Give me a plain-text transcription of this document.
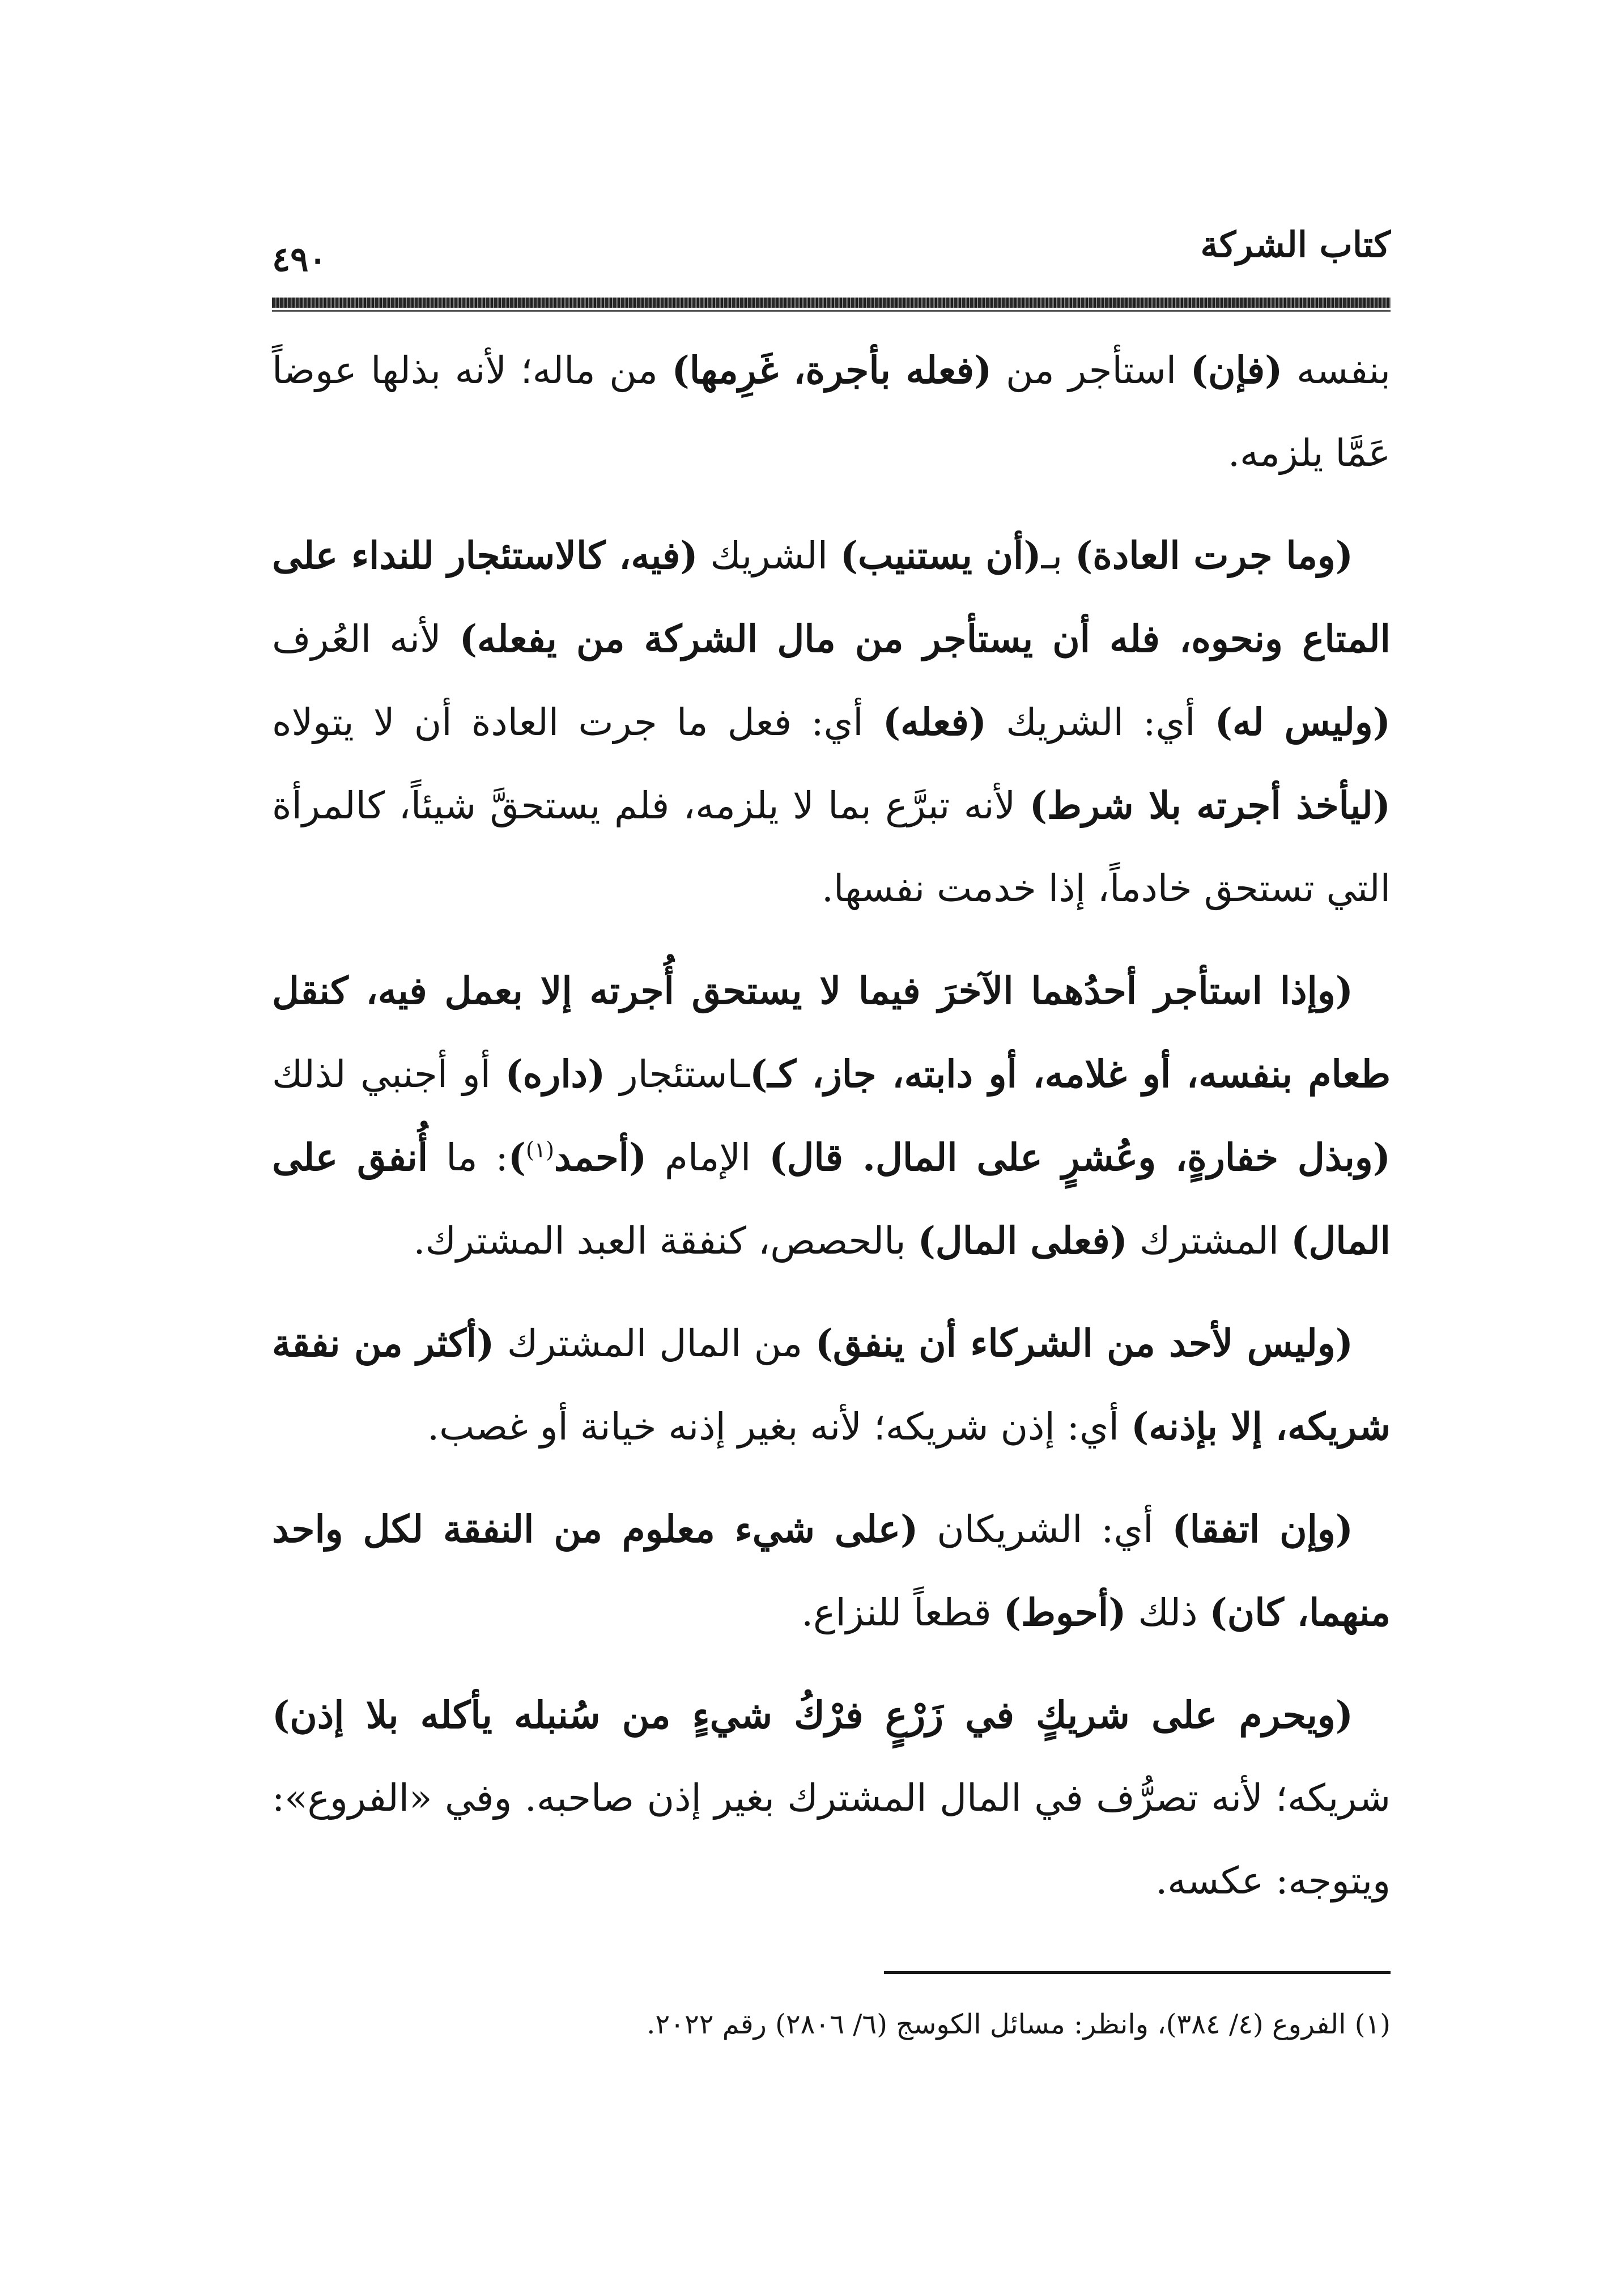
كتاب الشركة
٤٩٠

بنفسه (فإن) استأجر من (فعله بأجرة، غَرِمها) من ماله؛ لأنه بذلها عوضاً عَمَّا يلزمه.

(وما جرت العادة) بـ(أن يستنيب) الشريك (فيه، كالاستئجار للنداء على المتاع ونحوه، فله أن يستأجر من مال الشركة من يفعله) لأنه العُرف (وليس له) أي: الشريك (فعله) أي: فعل ما جرت العادة أن لا يتولاه (ليأخذ أجرته بلا شرط) لأنه تبرَّع بما لا يلزمه، فلم يستحقَّ شيئاً، كالمرأة التي تستحق خادماً، إذا خدمت نفسها.

(وإذا استأجر أحدُهما الآخرَ فيما لا يستحق أُجرته إلا بعمل فيه، كنقل طعام بنفسه، أو غلامه، أو دابته، جاز، كـ)ـاستئجار (داره) أو أجنبي لذلك (وبذل خفارةٍ، وعُشرٍ على المال. قال) الإمام (أحمد$^{(١)}$): ما أُنفق على المال) المشترك (فعلى المال) بالحصص، كنفقة العبد المشترك.

(وليس لأحد من الشركاء أن ينفق) من المال المشترك (أكثر من نفقة شريكه، إلا بإذنه) أي: إذن شريكه؛ لأنه بغير إذنه خيانة أو غصب.

(وإن اتفقا) أي: الشريكان (على شيء معلوم من النفقة لكل واحد منهما، كان) ذلك (أحوط) قطعاً للنزاع.

(ويحرم على شريكٍ في زَرْعٍ فرْكُ شيءٍ من سُنبله يأكله بلا إذن) شريكه؛ لأنه تصرُّف في المال المشترك بغير إذن صاحبه. وفي «الفروع»: ويتوجه: عكسه.

(١) الفروع (٤/ ٣٨٤)، وانظر: مسائل الكوسج (٦/ ٢٨٠٦) رقم ٢٠٢٢.
